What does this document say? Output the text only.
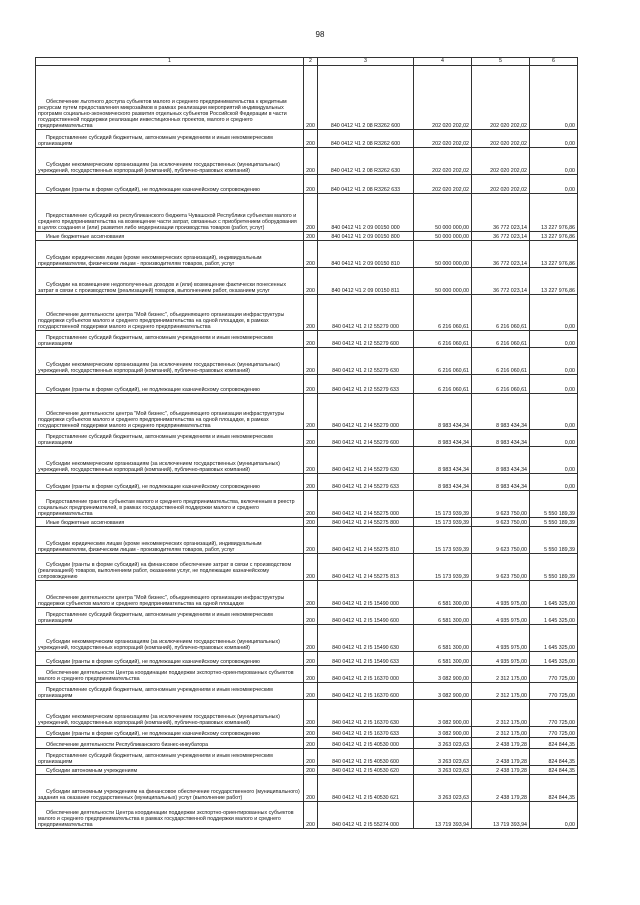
98
1	2	3	4	5	6
Обеспечение льготного доступа субъектов малого и среднего предпринимательства к кредитным ресурсам путем предоставления микрозаймов в рамках реализации мероприятий индивидуальных программ социально-экономического развития отдельных субъектов Российской Федерации в части государственной поддержки реализации инвестиционных проектов, малого и среднего предпринимательства	200	840 0412 Ч1 2 08 R3262 600	202 020 202,02	202 020 202,02	0,00
Предоставление субсидий бюджетным, автономным учреждениям и иным некоммерческим организациям	200	840 0412 Ч1 2 08 R3262 600	202 020 202,02	202 020 202,02	0,00
Субсидии некоммерческим организациям (за исключением государственных (муниципальных) учреждений, государственных корпораций (компаний), публично-правовых компаний)	200	840 0412 Ч1 2 08 R3262 630	202 020 202,02	202 020 202,02	0,00
Субсидии (гранты в форме субсидий), не подлежащие казначейскому сопровождению	200	840 0412 Ч1 2 08 R3262 633	202 020 202,02	202 020 202,02	0,00
Предоставление субсидий из республиканского бюджета Чувашской Республики субъектам малого и среднего предпринимательства на возмещение части затрат, связанных с приобретением оборудования в целях создания и (или) развития либо модернизации производства товаров (работ, услуг)	200	840 0412 Ч1 2 09 00150 000	50 000 000,00	36 772 023,14	13 227 976,86
Иные бюджетные ассигнования	200	840 0412 Ч1 2 09 00150 800	50 000 000,00	36 772 023,14	13 227 976,86
Субсидии юридическим лицам (кроме некоммерческих организаций), индивидуальным предпринимателям, физическим лицам - производителям товаров, работ, услуг	200	840 0412 Ч1 2 09 00150 810	50 000 000,00	36 772 023,14	13 227 976,86
Субсидии на возмещение недополученных доходов и (или) возмещение фактически понесенных затрат в связи с производством (реализацией) товаров, выполнением работ, оказанием услуг	200	840 0412 Ч1 2 09 00150 811	50 000 000,00	36 772 023,14	13 227 976,86
Обеспечение деятельности центра "Мой бизнес", объединяющего организации инфраструктуры поддержки субъектов малого и среднего предпринимательства на одной площадке, в рамках государственной поддержки малого и среднего предпринимательства	200	840 0412 Ч1 2 I2 55279 000	6 216 060,61	6 216 060,61	0,00
Предоставление субсидий бюджетным, автономным учреждениям и иным некоммерческим организациям	200	840 0412 Ч1 2 I2 55279 600	6 216 060,61	6 216 060,61	0,00
Субсидии некоммерческим организациям (за исключением государственных (муниципальных) учреждений, государственных корпораций (компаний), публично-правовых компаний)	200	840 0412 Ч1 2 I2 55279 630	6 216 060,61	6 216 060,61	0,00
Субсидии (гранты в форме субсидий), не подлежащие казначейскому сопровождению	200	840 0412 Ч1 2 I2 55279 633	6 216 060,61	6 216 060,61	0,00
Обеспечение деятельности центра "Мой бизнес", объединяющего организации инфраструктуры поддержки субъектов малого и среднего предпринимательства на одной площадке, в рамках государственной поддержки малого и среднего предпринимательства	200	840 0412 Ч1 2 I4 55279 000	8 983 434,34	8 983 434,34	0,00
Предоставление субсидий бюджетным, автономным учреждениям и иным некоммерческим организациям	200	840 0412 Ч1 2 I4 55279 600	8 983 434,34	8 983 434,34	0,00
Субсидии некоммерческим организациям (за исключением государственных (муниципальных) учреждений, государственных корпораций (компаний), публично-правовых компаний)	200	840 0412 Ч1 2 I4 55279 630	8 983 434,34	8 983 434,34	0,00
Субсидии (гранты в форме субсидий), не подлежащие казначейскому сопровождению	200	840 0412 Ч1 2 I4 55279 633	8 983 434,34	8 983 434,34	0,00
Предоставление грантов субъектам малого и среднего предпринимательства, включенным в реестр социальных предпринимателей, в рамках государственной поддержки малого и среднего предпринимательства	200	840 0412 Ч1 2 I4 55275 000	15 173 939,39	9 623 750,00	5 550 189,39
Иные бюджетные ассигнования	200	840 0412 Ч1 2 I4 55275 800	15 173 939,39	9 623 750,00	5 550 189,39
Субсидии юридическим лицам (кроме некоммерческих организаций), индивидуальным предпринимателям, физическим лицам - производителям товаров, работ, услуг	200	840 0412 Ч1 2 I4 55275 810	15 173 939,39	9 623 750,00	5 550 189,39
Субсидии (гранты в форме субсидий) на финансовое обеспечение затрат в связи с производством (реализацией) товаров, выполнением работ, оказанием услуг, не подлежащие казначейскому сопровождению	200	840 0412 Ч1 2 I4 55275 813	15 173 939,39	9 623 750,00	5 550 189,39
Обеспечение деятельности центра "Мой бизнес", объединяющего организации инфраструктуры поддержки субъектов малого и среднего предпринимательства на одной площадке	200	840 0412 Ч1 2 I5 15490 000	6 581 300,00	4 935 975,00	1 645 325,00
Предоставление субсидий бюджетным, автономным учреждениям и иным некоммерческим организациям	200	840 0412 Ч1 2 I5 15490 600	6 581 300,00	4 935 975,00	1 645 325,00
Субсидии некоммерческим организациям (за исключением государственных (муниципальных) учреждений, государственных корпораций (компаний), публично-правовых компаний)	200	840 0412 Ч1 2 I5 15490 630	6 581 300,00	4 935 975,00	1 645 325,00
Субсидии (гранты в форме субсидий), не подлежащие казначейскому сопровождению	200	840 0412 Ч1 2 I5 15490 633	6 581 300,00	4 935 975,00	1 645 325,00
Обеспечение деятельности Центра координации поддержки экспортно-ориентированных субъектов малого и среднего предпринимательства	200	840 0412 Ч1 2 I5 16370 000	3 082 900,00	2 312 175,00	770 725,00
Предоставление субсидий бюджетным, автономным учреждениям и иным некоммерческим организациям	200	840 0412 Ч1 2 I5 16370 600	3 082 900,00	2 312 175,00	770 725,00
Субсидии некоммерческим организациям (за исключением государственных (муниципальных) учреждений, государственных корпораций (компаний), публично-правовых компаний)	200	840 0412 Ч1 2 I5 16370 630	3 082 900,00	2 312 175,00	770 725,00
Субсидии (гранты в форме субсидий), не подлежащие казначейскому сопровождению	200	840 0412 Ч1 2 I5 16370 633	3 082 900,00	2 312 175,00	770 725,00
Обеспечение деятельности Республиканского бизнес-инкубатора	200	840 0412 Ч1 2 I5 40530 000	3 263 023,63	2 438 179,28	824 844,35
Предоставление субсидий бюджетным, автономным учреждениям и иным некоммерческим организациям	200	840 0412 Ч1 2 I5 40530 600	3 263 023,63	2 438 179,28	824 844,35
Субсидии автономным учреждениям	200	840 0412 Ч1 2 I5 40530 620	3 263 023,63	2 438 179,28	824 844,35
Субсидии автономным учреждениям на финансовое обеспечение государственного (муниципального) задания на оказание государственных (муниципальных) услуг (выполнение работ)	200	840 0412 Ч1 2 I5 40530 621	3 263 023,63	2 438 179,28	824 844,35
Обеспечение деятельности Центра координации поддержки экспортно-ориентированных субъектов малого и среднего предпринимательства в рамках государственной поддержки малого и среднего предпринимательства	200	840 0412 Ч1 2 I5 55274 000	13 719 393,94	13 719 393,94	0,00
